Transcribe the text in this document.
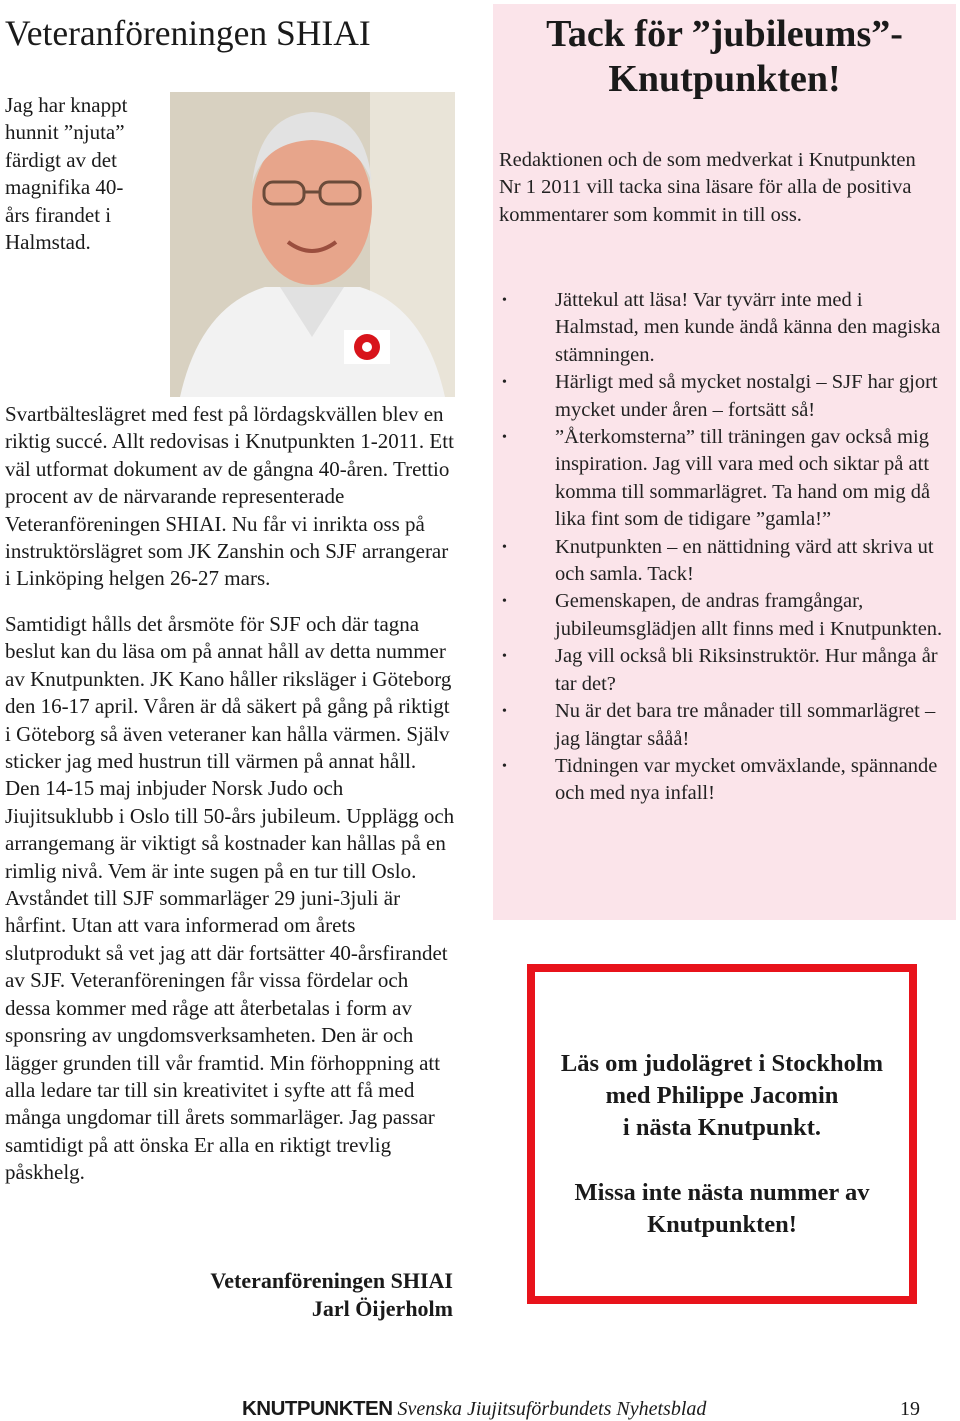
Veteranföreningen SHIAI
Jag har knappt hunnit ”njuta” färdigt av det magnifika 40-års firandet i Halmstad. Svartbälteslägret med fest på lördagskvällen blev en riktig succé. Allt redovisas i Knutpunkten 1-2011. Ett väl utformat dokument av de gångna 40-åren. Trettio procent av de närvarande representerade Veteranföreningen SHIAI. Nu får vi inrikta oss på instruktörslägret som JK Zanshin och SJF arrangerar i Linköping helgen 26-27 mars.

Samtidigt hålls det årsmöte för SJF och där tagna beslut kan du läsa om på annat håll av detta nummer av Knutpunkten. JK Kano håller riksläger i Göteborg den 16-17 april. Våren är då säkert på gång på riktigt i Göteborg så även veteraner kan hålla värmen. Själv sticker jag med hustrun till värmen på annat håll. Den 14-15 maj inbjuder Norsk Judo och Jiujitsuklubb i Oslo till 50-års jubileum. Upplägg och arrangemang är viktigt så kostnader kan hållas på en rimlig nivå. Vem är inte sugen på en tur till Oslo. Avståndet till SJF sommarläger 29 juni-3juli är hårfint. Utan att vara informerad om årets slutprodukt så vet jag att där fortsätter 40-årsfirandet av SJF. Veteranföreningen får vissa fördelar och dessa kommer med råge att återbetalas i form av sponsring av ungdomsverksamheten. Den är och lägger grunden till vår framtid. Min förhoppning att alla ledare tar till sin kreativitet i syfte att få med många ungdomar till årets sommarläger. Jag passar samtidigt på att önska Er alla en riktigt trevlig påskhelg.

Veteranföreningen SHIAI
Jarl Öijerholm
Tack för ”jubileums”-Knutpunkten!

Redaktionen och de som medverkat i Knutpunkten Nr 1 2011 vill tacka sina läsare för alla de positiva kommentarer som kommit in till oss.

• Jättekul att läsa! Var tyvärr inte med i Halmstad, men kunde ändå känna den magiska stämningen.
• Härligt med så mycket nostalgi – SJF har gjort mycket under åren – fortsätt så!
• ”Återkomsterna” till träningen gav också mig inspiration. Jag vill vara med och siktar på att komma till sommarlägret. Ta hand om mig då lika fint som de tidigare ”gamla!”
• Knutpunkten – en nättidning värd att skriva ut och samla. Tack!
• Gemenskapen, de andras framgångar, jubileumsglädjen allt finns med i Knutpunkten.
• Jag vill också bli Riksinstruktör. Hur många år tar det?
• Nu är det bara tre månader till sommarlägret – jag längtar sååå!
• Tidningen var mycket omväxlande, spännande och med nya infall!
Läs om judolägret i Stockholm
med Philippe Jacomin
i nästa Knutpunkt.
Missa inte nästa nummer av
Knutpunkten!
KNUTPUNKTEN Svenska Jiujitsuförbundets Nyhetsblad	19
